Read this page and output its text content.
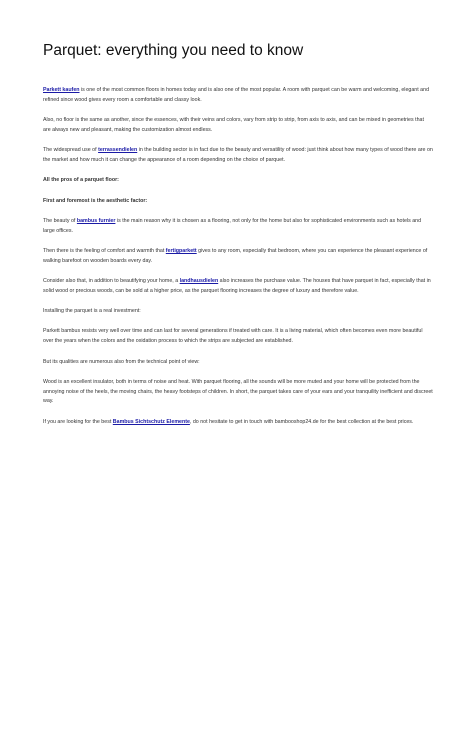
Parquet: everything you need to know

Parkett kaufen is one of the most common floors in homes today and is also one of the most popular. A room with parquet can be warm and welcoming, elegant and refined since wood gives every room a comfortable and classy look.

Also, no floor is the same as another, since the essences, with their veins and colors, vary from strip to strip, from axis to axis, and can be mixed in geometries that are always new and pleasant, making the customization almost endless.

The widespread use of terrassendielen in the building sector is in fact due to the beauty and versatility of wood: just think about how many types of wood there are on the market and how much it can change the appearance of a room depending on the choice of parquet.

All the pros of a parquet floor:

First and foremost is the aesthetic factor:

The beauty of bambus furnier is the main reason why it is chosen as a flooring, not only for the home but also for sophisticated environments such as hotels and large offices.

Then there is the feeling of comfort and warmth that fertigparkett gives to any room, especially that bedroom, where you can experience the pleasant experience of walking barefoot on wooden boards every day.

Consider also that, in addition to beautifying your home, a landhausdielen also increases the purchase value. The houses that have parquet in fact, especially that in solid wood or precious woods, can be sold at a higher price, as the parquet flooring increases the degree of luxury and therefore value.

Installing the parquet is a real investment:

Parkett bambus resists very well over time and can last for several generations if treated with care. It is a living material, which often becomes even more beautiful over the years when the colors and the oxidation process to which the strips are subjected are established.

But its qualities are numerous also from the technical point of view:

Wood is an excellent insulator, both in terms of noise and heat. With parquet flooring, all the sounds will be more muted and your home will be protected from the annoying noise of the heels, the moving chairs, the heavy footsteps of children. In short, the parquet takes care of your ears and your tranquility inefficient and discreet way.

If you are looking for the best Bambus Sichtschutz Elemente, do not hesitate to get in touch with bambooshop24.de for the best collection at the best prices.
